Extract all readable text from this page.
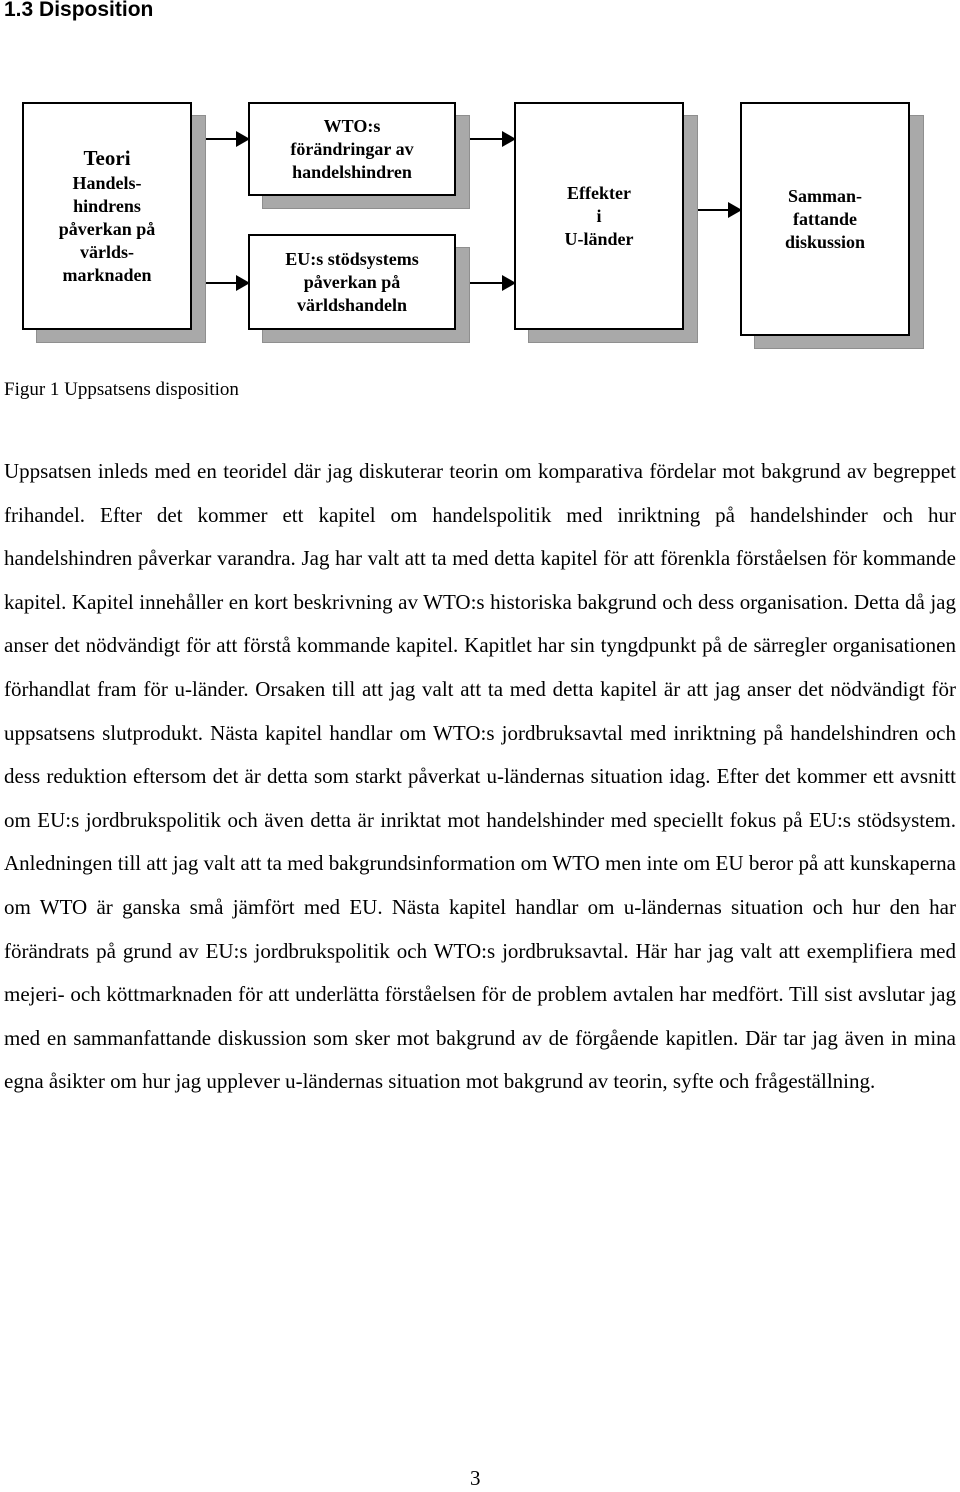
1.3 Disposition
Teori
Handels-
hindrens
påverkan på
världs-
marknaden
WTO:s
förändringar av
handelshindren
EU:s stödsystems
påverkan på
världshandeln
Effekter
i
U-länder
Samman-
fattande
diskussion

Figur 1 Uppsatsens disposition

Uppsatsen inleds med en teoridel där jag diskuterar teorin om komparativa fördelar mot bakgrund av begreppet frihandel. Efter det kommer ett kapitel om handelspolitik med inriktning på handelshinder och hur handelshindren påverkar varandra. Jag har valt att ta med detta kapitel för att förenkla förståelsen för kommande kapitel. Kapitel innehåller en kort beskrivning av WTO:s historiska bakgrund och dess organisation. Detta då jag anser det nödvändigt för att förstå kommande kapitel. Kapitlet har sin tyngdpunkt på de särregler organisationen förhandlat fram för u-länder. Orsaken till att jag valt att ta med detta kapitel är att jag anser det nödvändigt för uppsatsens slutprodukt. Nästa kapitel handlar om WTO:s jordbruksavtal med inriktning på handelshindren och dess reduktion eftersom det är detta som starkt påverkat u-ländernas situation idag. Efter det kommer ett avsnitt om EU:s jordbrukspolitik och även detta är inriktat mot handelshinder med speciellt fokus på EU:s stödsystem. Anledningen till att jag valt att ta med bakgrundsinformation om WTO men inte om EU beror på att kunskaperna om WTO är ganska små jämfört med EU. Nästa kapitel handlar om u-ländernas situation och hur den har förändrats på grund av EU:s jordbrukspolitik och WTO:s jordbruksavtal. Här har jag valt att exemplifiera med mejeri- och köttmarknaden för att underlätta förståelsen för de problem avtalen har medfört. Till sist avslutar jag med en sammanfattande diskussion som sker mot bakgrund av de förgående kapitlen. Där tar jag även in mina egna åsikter om hur jag upplever u-ländernas situation mot bakgrund av teorin, syfte och frågeställning.

3
